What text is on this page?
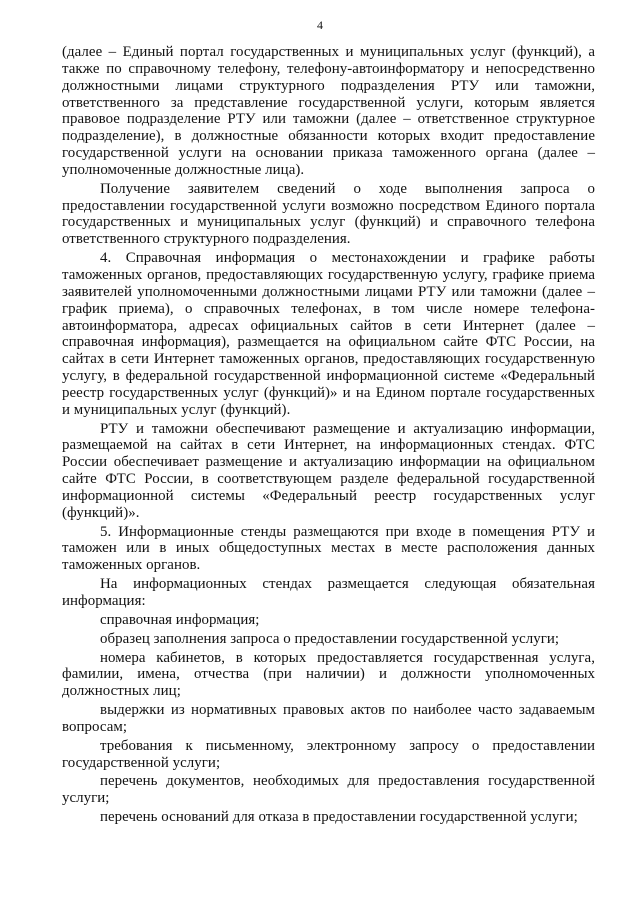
4

(далее – Единый портал государственных и муниципальных услуг (функций), а также по справочному телефону, телефону-автоинформатору и непосредственно должностными лицами структурного подразделения РТУ или таможни, ответственного за представление государственной услуги, которым является правовое подразделение РТУ или таможни (далее – ответственное структурное подразделение), в должностные обязанности которых входит предоставление государственной услуги на основании приказа таможенного органа (далее – уполномоченные должностные лица).

Получение заявителем сведений о ходе выполнения запроса о предоставлении государственной услуги возможно посредством Единого портала государственных и муниципальных услуг (функций) и справочного телефона ответственного структурного подразделения.

4. Справочная информация о местонахождении и графике работы таможенных органов, предоставляющих государственную услугу, графике приема заявителей уполномоченными должностными лицами РТУ или таможни (далее – график приема), о справочных телефонах, в том числе номере телефона-автоинформатора, адресах официальных сайтов в сети Интернет (далее – справочная информация), размещается на официальном сайте ФТС России, на сайтах в сети Интернет таможенных органов, предоставляющих государственную услугу, в федеральной государственной информационной системе «Федеральный реестр государственных услуг (функций)» и на Едином портале государственных и муниципальных услуг (функций).

РТУ и таможни обеспечивают размещение и актуализацию информации, размещаемой на сайтах в сети Интернет, на информационных стендах. ФТС России обеспечивает размещение и актуализацию информации на официальном сайте ФТС России, в соответствующем разделе федеральной государственной информационной системы «Федеральный реестр государственных услуг (функций)».

5. Информационные стенды размещаются при входе в помещения РТУ и таможен или в иных общедоступных местах в месте расположения данных таможенных органов.

На информационных стендах размещается следующая обязательная информация:

справочная информация;

образец заполнения запроса о предоставлении государственной услуги;

номера кабинетов, в которых предоставляется государственная услуга, фамилии, имена, отчества (при наличии) и должности уполномоченных должностных лиц;

выдержки из нормативных правовых актов по наиболее часто задаваемым вопросам;

требования к письменному, электронному запросу о предоставлении государственной услуги;

перечень документов, необходимых для предоставления государственной услуги;

перечень оснований для отказа в предоставлении государственной услуги;
